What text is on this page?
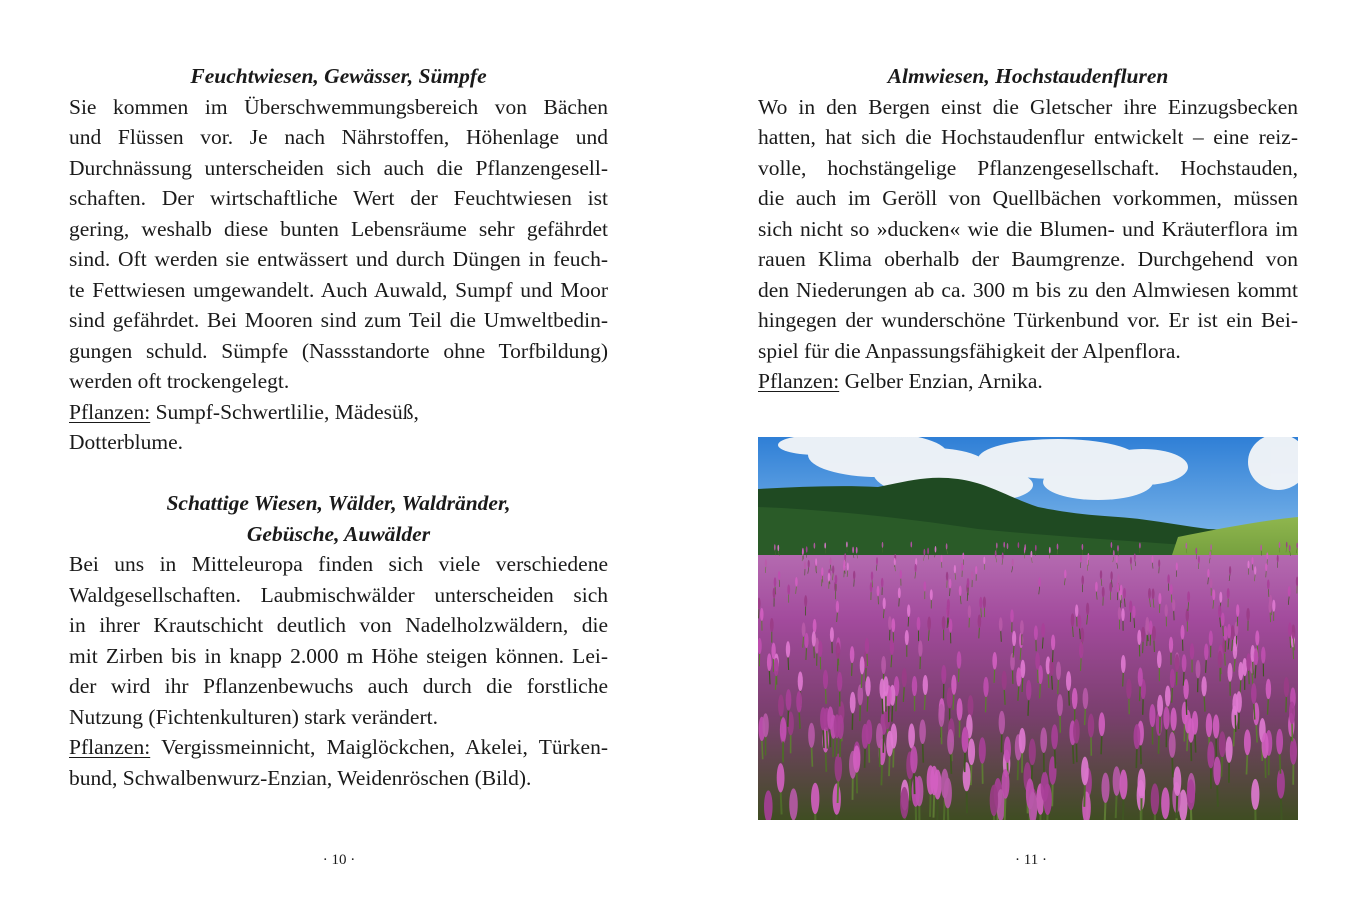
Feuchtwiesen, Gewässer, Sümpfe
Sie kommen im Überschwemmungsbereich von Bächen
und Flüssen vor. Je nach Nährstoffen, Höhenlage und
Durchnässung unterscheiden sich auch die Pflanzengesell-
schaften. Der wirtschaftliche Wert der Feuchtwiesen ist
gering, weshalb diese bunten Lebensräume sehr gefährdet
sind. Oft werden sie entwässert und durch Düngen in feuch-
te Fettwiesen umgewandelt. Auch Auwald, Sumpf und Moor
sind gefährdet. Bei Mooren sind zum Teil die Umweltbedin-
gungen schuld. Sümpfe (Nassstandorte ohne Torfbildung)
werden oft trockengelegt.
Pflanzen: Sumpf-Schwertlilie, Mädesüß,
Dotterblume.
Schattige Wiesen, Wälder, Waldränder,
Gebüsche, Auwälder
Bei uns in Mitteleuropa finden sich viele verschiedene
Waldgesellschaften. Laubmischwälder unterscheiden sich
in ihrer Krautschicht deutlich von Nadelholzwäldern, die
mit Zirben bis in knapp 2.000 m Höhe steigen können. Lei-
der wird ihr Pflanzenbewuchs auch durch die forstliche
Nutzung (Fichtenkulturen) stark verändert.
Pflanzen: Vergissmeinnicht, Maiglöckchen, Akelei, Türken-
bund, Schwalbenwurz-Enzian, Weidenröschen (Bild).
· 10 ·
Almwiesen, Hochstaudenfluren
Wo in den Bergen einst die Gletscher ihre Einzugsbecken
hatten, hat sich die Hochstaudenflur entwickelt – eine reiz-
volle, hochstängelige Pflanzengesellschaft. Hochstauden,
die auch im Geröll von Quellbächen vorkommen, müssen
sich nicht so »ducken« wie die Blumen- und Kräuterflora im
rauen Klima oberhalb der Baumgrenze. Durchgehend von
den Niederungen ab ca. 300 m bis zu den Almwiesen kommt
hingegen der wunderschöne Türkenbund vor. Er ist ein Bei-
spiel für die Anpassungsfähigkeit der Alpenflora.
Pflanzen: Gelber Enzian, Arnika.
· 11 ·
